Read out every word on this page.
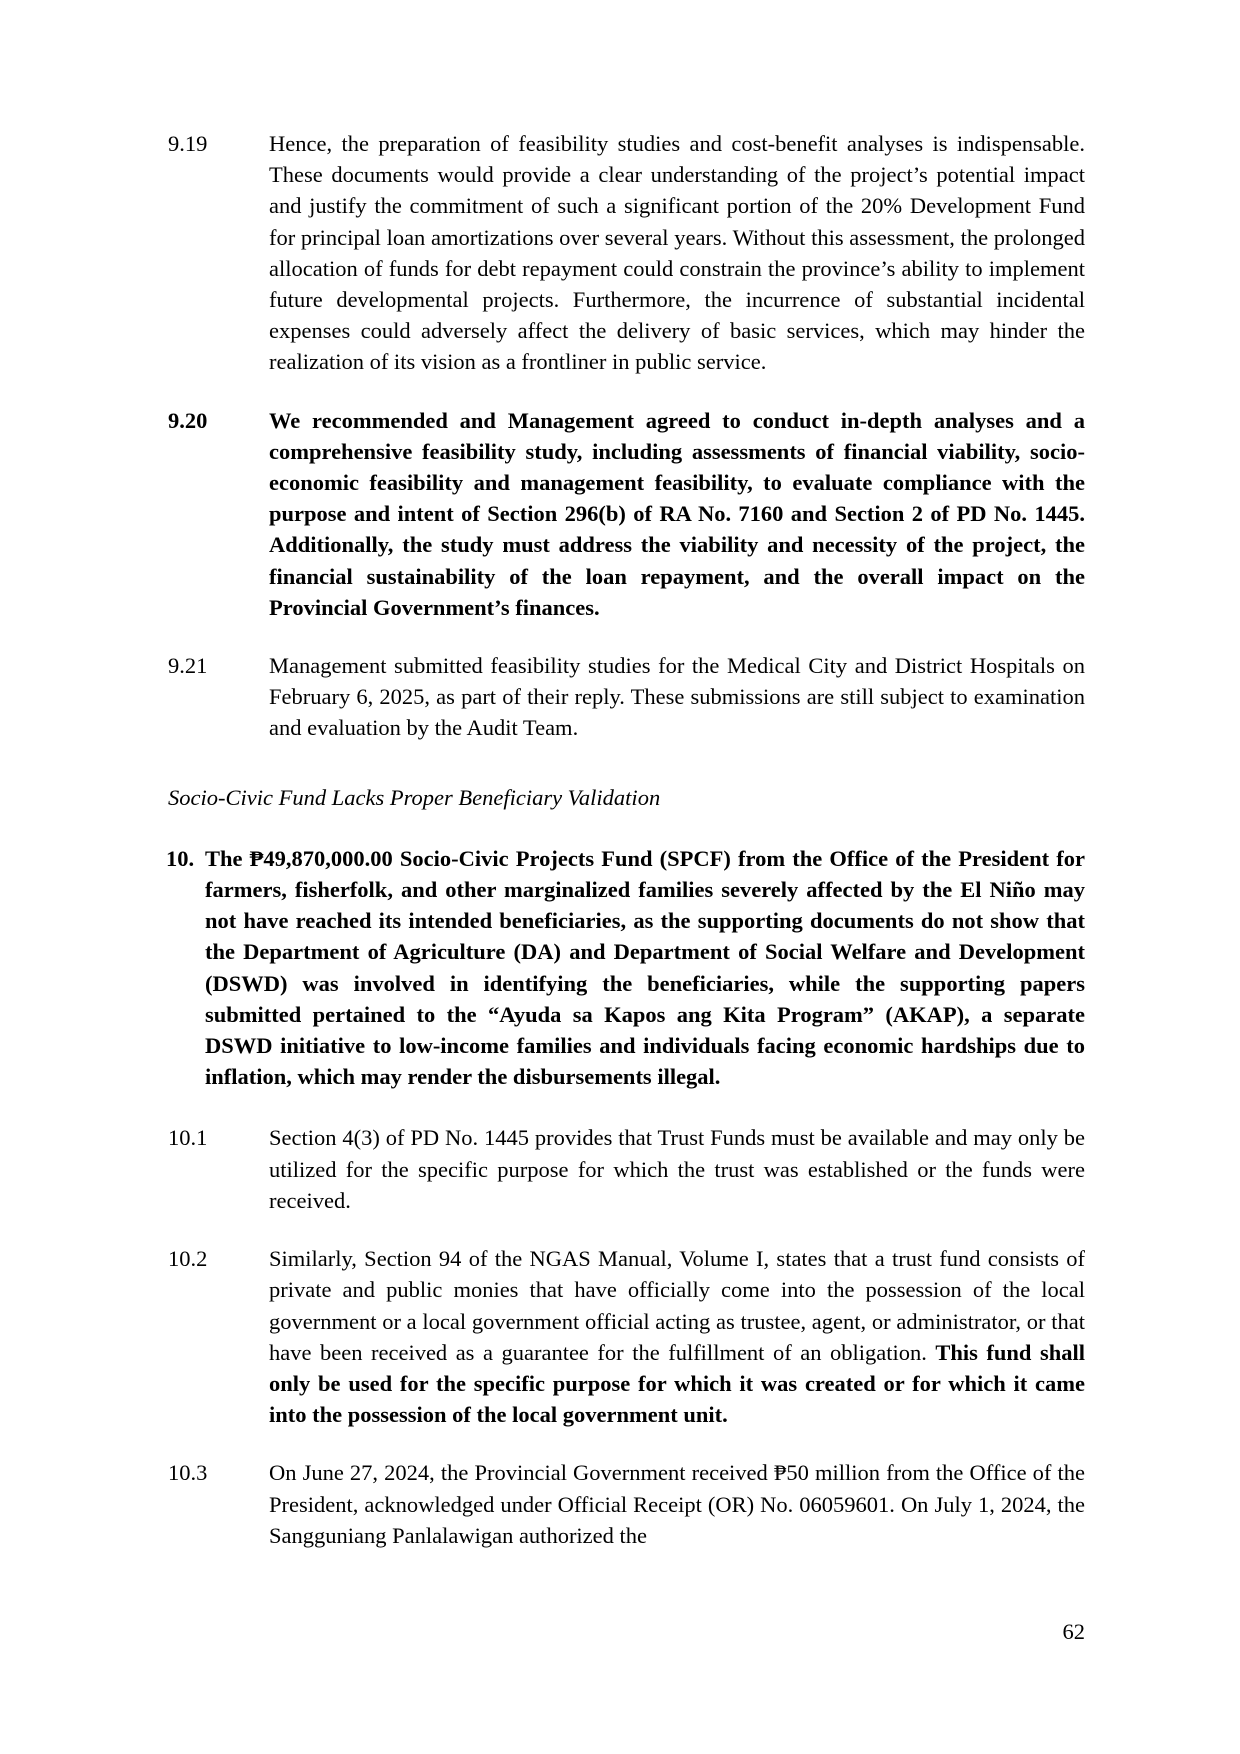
9.19	Hence, the preparation of feasibility studies and cost-benefit analyses is indispensable. These documents would provide a clear understanding of the project’s potential impact and justify the commitment of such a significant portion of the 20% Development Fund for principal loan amortizations over several years. Without this assessment, the prolonged allocation of funds for debt repayment could constrain the province’s ability to implement future developmental projects. Furthermore, the incurrence of substantial incidental expenses could adversely affect the delivery of basic services, which may hinder the realization of its vision as a frontliner in public service.
9.20	We recommended and Management agreed to conduct in-depth analyses and a comprehensive feasibility study, including assessments of financial viability, socio-economic feasibility and management feasibility, to evaluate compliance with the purpose and intent of Section 296(b) of RA No. 7160 and Section 2 of PD No. 1445. Additionally, the study must address the viability and necessity of the project, the financial sustainability of the loan repayment, and the overall impact on the Provincial Government’s finances.
9.21	Management submitted feasibility studies for the Medical City and District Hospitals on February 6, 2025, as part of their reply. These submissions are still subject to examination and evaluation by the Audit Team.
Socio-Civic Fund Lacks Proper Beneficiary Validation
10. The ₱49,870,000.00 Socio-Civic Projects Fund (SPCF) from the Office of the President for farmers, fisherfolk, and other marginalized families severely affected by the El Niño may not have reached its intended beneficiaries, as the supporting documents do not show that the Department of Agriculture (DA) and Department of Social Welfare and Development (DSWD) was involved in identifying the beneficiaries, while the supporting papers submitted pertained to the “Ayuda sa Kapos ang Kita Program” (AKAP), a separate DSWD initiative to low-income families and individuals facing economic hardships due to inflation, which may render the disbursements illegal.
10.1	Section 4(3) of PD No. 1445 provides that Trust Funds must be available and may only be utilized for the specific purpose for which the trust was established or the funds were received.
10.2	Similarly, Section 94 of the NGAS Manual, Volume I, states that a trust fund consists of private and public monies that have officially come into the possession of the local government or a local government official acting as trustee, agent, or administrator, or that have been received as a guarantee for the fulfillment of an obligation. This fund shall only be used for the specific purpose for which it was created or for which it came into the possession of the local government unit.
10.3	On June 27, 2024, the Provincial Government received ₱50 million from the Office of the President, acknowledged under Official Receipt (OR) No. 06059601. On July 1, 2024, the Sangguniang Panlalawigan authorized the
62
